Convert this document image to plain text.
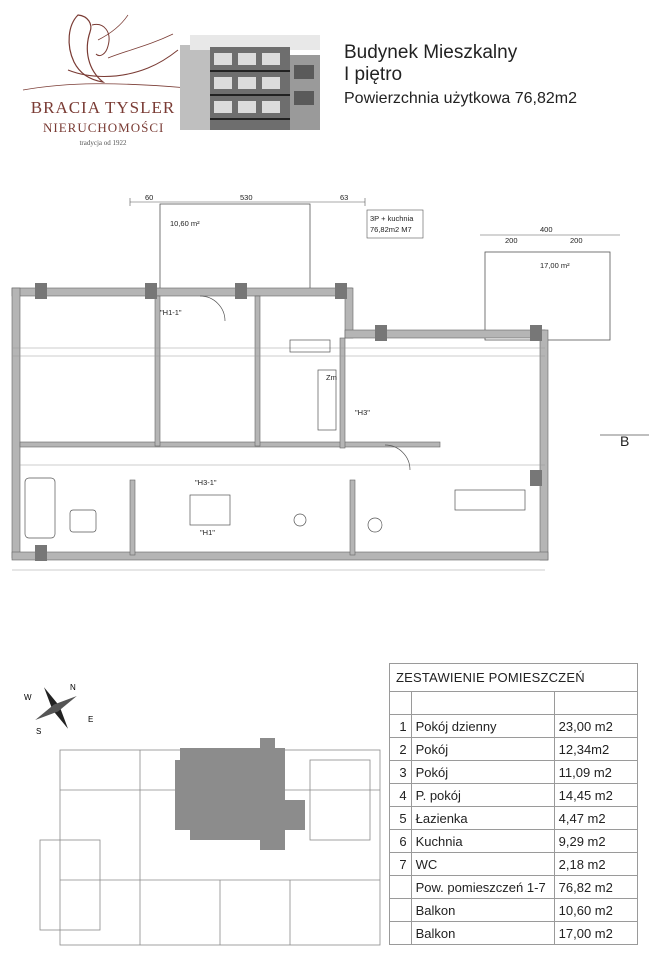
BRACIA TYSLER
NIERUCHOMOŚCI
tradycja od 1922
Budynek Mieszkalny
I piętro
Powierzchnia użytkowa 76,82m2
60	530	63
400
200	200
10,60 m²
3P + kuchnia
76,82m2 M7
17,00 m²
"H1-1"
"H3"
"H3-1"
"H1"
Zm
B
N
S
E
W
ZESTAWIENIE POMIESZCZEŃ		

1	Pokój dzienny	23,00 m2
2	Pokój	12,34m2
3	Pokój	11,09 m2
4	P. pokój	14,45 m2
5	Łazienka	4,47 m2
6	Kuchnia	9,29 m2
7	WC	2,18 m2
	Pow. pomieszczeń 1-7	76,82 m2
	Balkon	10,60 m2
	Balkon	17,00 m2
